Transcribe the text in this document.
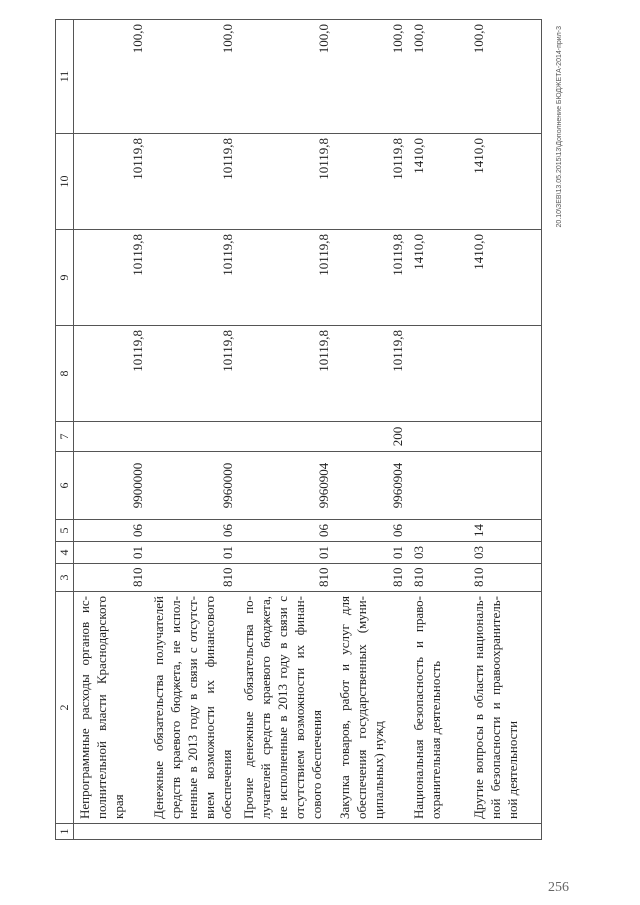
1	2	3	4	5	6	7	8	9	10	11
	Непрограммные расходы органов ис-полнительной власти Краснодарского края	810	01	06	9900000		10119,8	10119,8	10119,8	100,0
	Денежные обязательства получателей средств краевого бюджета, не испол-ненные в 2013 году в связи с отсутст-вием возможности их финансового обеспечения	810	01	06	9960000		10119,8	10119,8	10119,8	100,0
	Прочие денежные обязательства по-лучателей средств краевого бюджета, не исполненные в 2013 году в связи с отсутствием возможности их финан-сового обеспечения	810	01	06	9960904		10119,8	10119,8	10119,8	100,0
	Закупка товаров, работ и услуг для обеспечения государственных (муни-ципальных) нужд	810	01	06	9960904	200	10119,8	10119,8	10119,8	100,0
	Национальная безопасность и право-охранительная деятельность	810	03					1410,0	1410,0	100,0
	Другие вопросы в области националь-ной безопасности и правоохранитель-ной деятельности	810	03	14				1410,0	1410,0	100,0	20.10\ЗЕВ\13.05.2015\13\Дополнение БЮДЖЕТА-2014-прил-3
256
